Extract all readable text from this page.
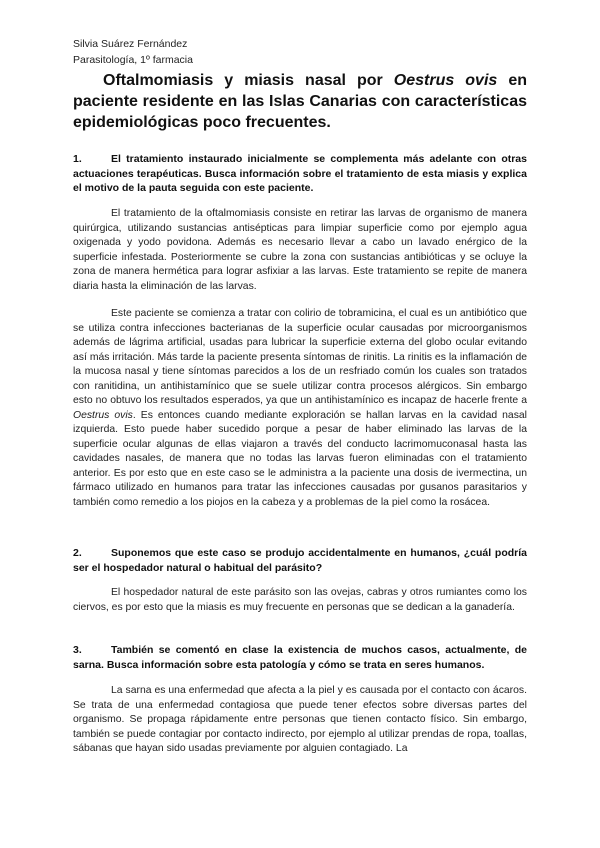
Silvia Suárez Fernández
Parasitología, 1º farmacia
Oftalmomiasis y miasis nasal por Oestrus ovis en paciente residente en las Islas Canarias con características epidemiológicas poco frecuentes.
1.	El tratamiento instaurado inicialmente se complementa más adelante con otras actuaciones terapéuticas. Busca información sobre el tratamiento de esta miasis y explica el motivo de la pauta seguida con este paciente.
El tratamiento de la oftalmomiasis consiste en retirar las larvas de organismo de manera quirúrgica, utilizando sustancias antisépticas para limpiar superficie como por ejemplo agua oxigenada y yodo povidona. Además es necesario llevar a cabo un lavado enérgico de la superficie infestada. Posteriormente se cubre la zona con sustancias antibióticas y se ocluye la zona de manera hermética para lograr asfixiar a las larvas. Este tratamiento se repite de manera diaria hasta la eliminación de las larvas.
Este paciente se comienza a tratar con colirio de tobramicina, el cual es un antibiótico que se utiliza contra infecciones bacterianas de la superficie ocular causadas por microorganismos además de lágrima artificial, usadas para lubricar la superficie externa del globo ocular evitando así más irritación. Más tarde la paciente presenta síntomas de rinitis. La rinitis es la inflamación de la mucosa nasal y tiene síntomas parecidos a los de un resfriado común los cuales son tratados con ranitidina, un antihistamínico que se suele utilizar contra procesos alérgicos. Sin embargo esto no obtuvo los resultados esperados, ya que un antihistamínico es incapaz de hacerle frente a Oestrus ovis. Es entonces cuando mediante exploración se hallan larvas en la cavidad nasal izquierda. Esto puede haber sucedido porque a pesar de haber eliminado las larvas de la superficie ocular algunas de ellas viajaron a través del conducto lacrimomuconasal hasta las cavidades nasales, de manera que no todas las larvas fueron eliminadas con el tratamiento anterior. Es por esto que en este caso se le administra a la paciente una dosis de ivermectina, un fármaco utilizado en humanos para tratar las infecciones causadas por gusanos parasitarios y también como remedio a los piojos en la cabeza y a problemas de la piel como la rosácea.
2.	Suponemos que este caso se produjo accidentalmente en humanos, ¿cuál podría ser el hospedador natural o habitual del parásito?
El hospedador natural de este parásito son las ovejas, cabras y otros rumiantes como los ciervos, es por esto que la miasis es muy frecuente en personas que se dedican a la ganadería.
3.	También se comentó en clase la existencia de muchos casos, actualmente, de sarna. Busca información sobre esta patología y cómo se trata en seres humanos.
La sarna es una enfermedad que afecta a la piel y es causada por el contacto con ácaros. Se trata de una enfermedad contagiosa que puede tener efectos sobre diversas partes del organismo. Se propaga rápidamente entre personas que tienen contacto físico. Sin embargo, también se puede contagiar por contacto indirecto, por ejemplo al utilizar prendas de ropa, toallas, sábanas que hayan sido usadas previamente por alguien contagiado. La
